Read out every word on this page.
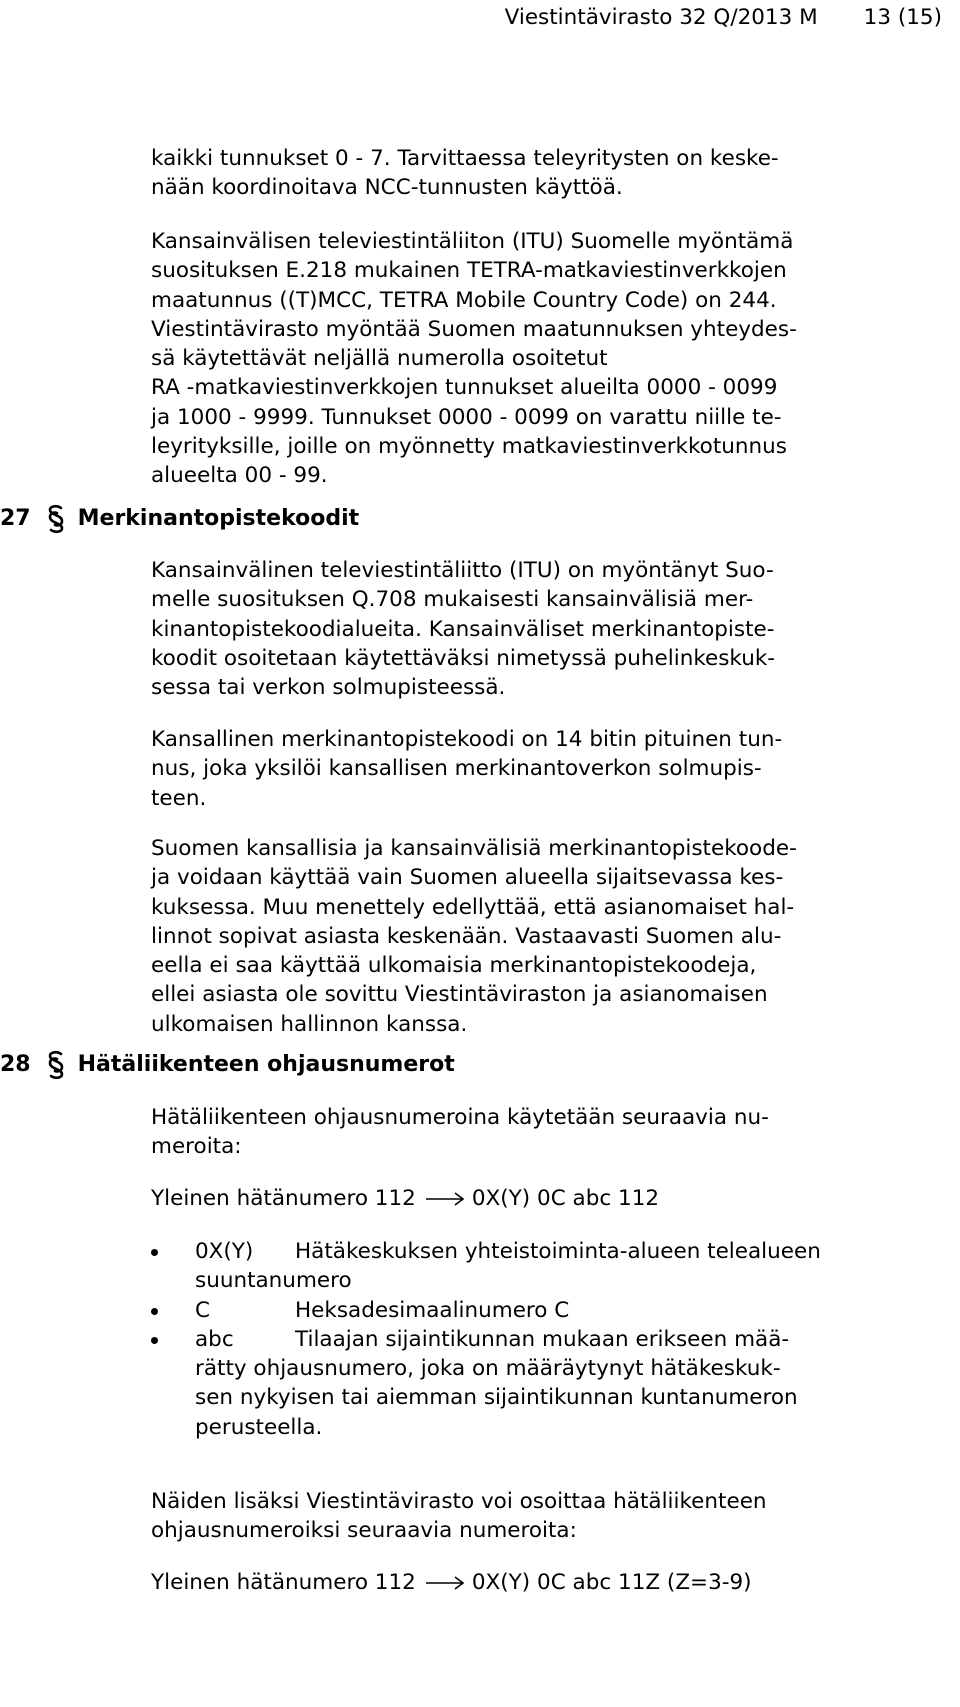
Viestintävirasto 32 Q/2013 M 13 (15)

kaikki tunnukset 0 - 7. Tarvittaessa teleyritysten on keske-
nään koordinoitava NCC-tunnusten käyttöä.

Kansainvälisen televiestintäliiton (ITU) Suomelle myöntämä
suosituksen E.218 mukainen TETRA-matkaviestinverkkojen
maatunnus ((T)MCC, TETRA Mobile Country Code) on 244.
Viestintävirasto myöntää Suomen maatunnuksen yhteydes-
sä käytettävät neljällä numerolla osoitetut
RA -matkaviestinverkkojen tunnukset alueilta 0000 - 0099
ja 1000 - 9999. Tunnukset 0000 - 0099 on varattu niille te-
leyrityksille, joille on myönnetty matkaviestinverkkotunnus
alueelta 00 - 99.

27 Merkinantopistekoodit

Kansainvälinen televiestintäliitto (ITU) on myöntänyt Suo-
melle suosituksen Q.708 mukaisesti kansainvälisiä mer-
kinantopistekoodialueita. Kansainväliset merkinantopiste-
koodit osoitetaan käytettäväksi nimetyssä puhelinkeskuk-
sessa tai verkon solmupisteessä.

Kansallinen merkinantopistekoodi on 14 bitin pituinen tun-
nus, joka yksilöi kansallisen merkinantoverkon solmupis-
teen.

Suomen kansallisia ja kansainvälisiä merkinantopistekoode-
ja voidaan käyttää vain Suomen alueella sijaitsevassa kes-
kuksessa. Muu menettely edellyttää, että asianomaiset hal-
linnot sopivat asiasta keskenään. Vastaavasti Suomen alu-
eella ei saa käyttää ulkomaisia merkinantopistekoodeja,
ellei asiasta ole sovittu Viestintäviraston ja asianomaisen
ulkomaisen hallinnon kanssa.

28 Hätäliikenteen ohjausnumerot

Hätäliikenteen ohjausnumeroina käytetään seuraavia nu-
meroita:

Yleinen hätänumero 112	0X(Y) 0C abc 112
0X(Y)	Hätäkeskuksen yhteistoiminta-alueen telealueen
suuntanumero
C	Heksadesimaalinumero C
abc	Tilaajan sijaintikunnan mukaan erikseen mää-
rätty ohjausnumero, joka on määräytynyt hätäkeskuk-
sen nykyisen tai aiemman sijaintikunnan kuntanumeron
perusteella.

Näiden lisäksi Viestintävirasto voi osoittaa hätäliikenteen
ohjausnumeroiksi seuraavia numeroita:

Yleinen hätänumero 112	0X(Y) 0C abc 11Z (Z=3-9)
